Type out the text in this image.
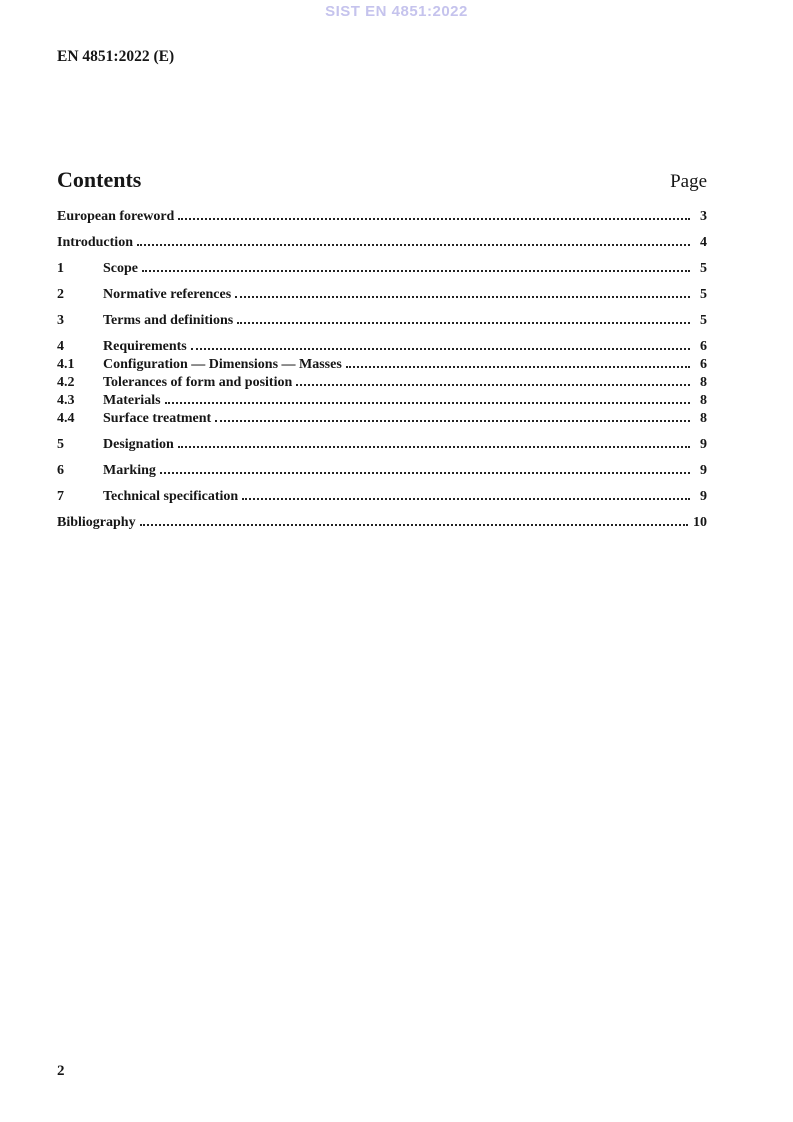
SIST EN 4851:2022
EN 4851:2022 (E)
Contents	Page
European foreword	3
Introduction	4
1	Scope	5
2	Normative references	5
3	Terms and definitions	5
4	Requirements	6
4.1	Configuration — Dimensions — Masses	6
4.2	Tolerances of form and position	8
4.3	Materials	8
4.4	Surface treatment	8
5	Designation	9
6	Marking	9
7	Technical specification	9
Bibliography	10
2
